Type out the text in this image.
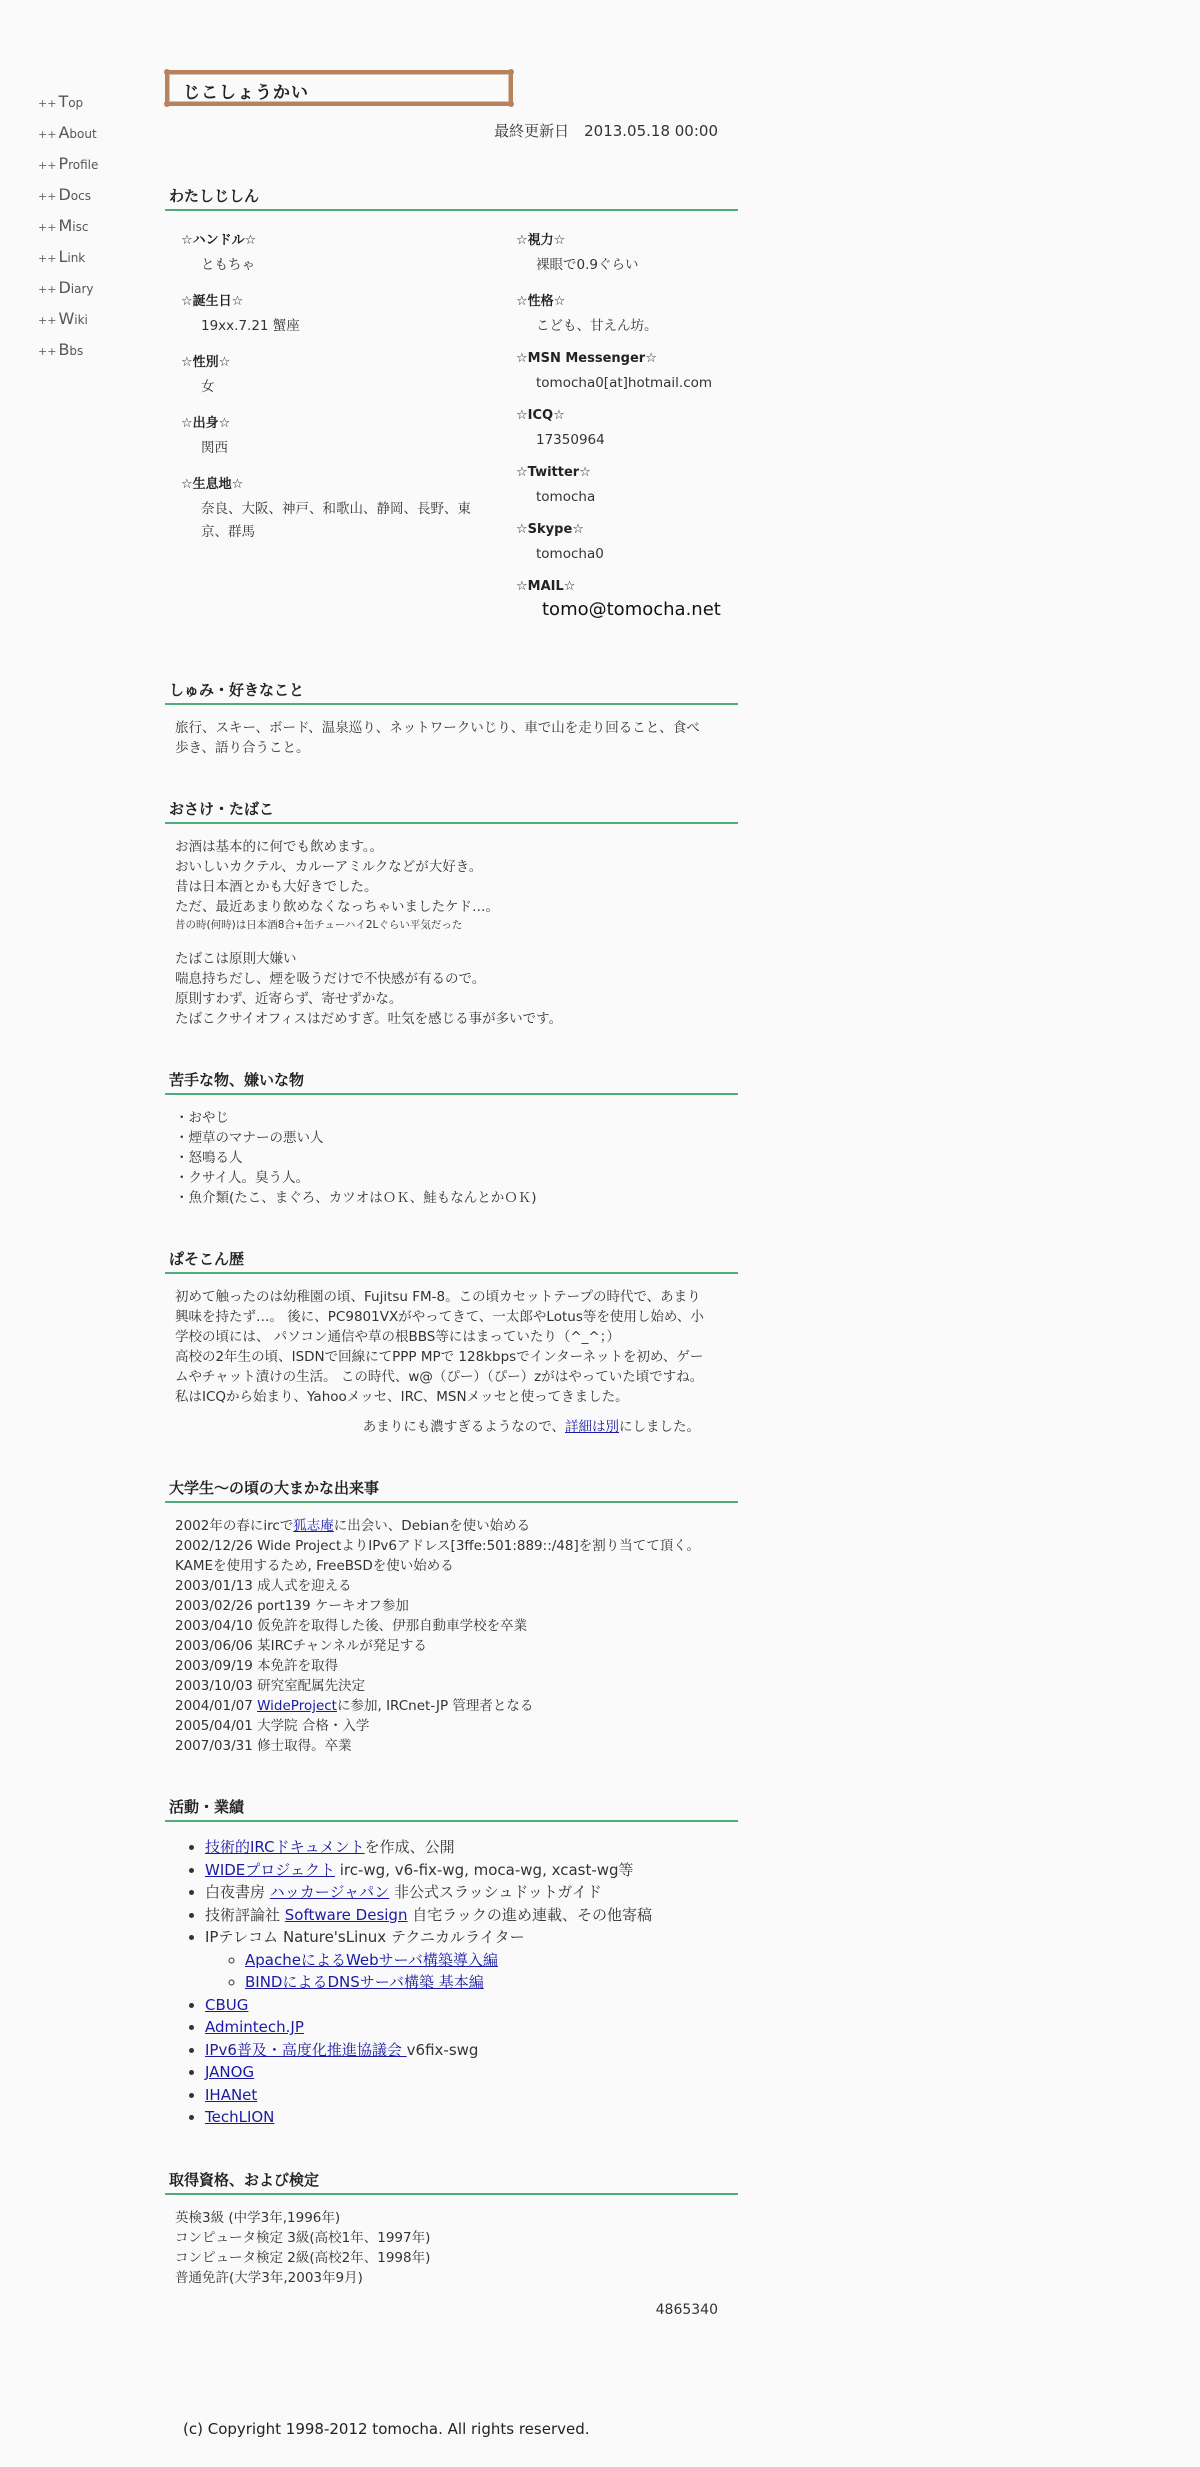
++ Top
++ About
++ Profile
++ Docs
++ Misc
++ Link
++ Diary
++ Wiki
++ Bbs
じこしょうかい
最終更新日　2013.05.18 00:00
わたしじしん
☆ハンドル☆
ともちゃ
☆誕生日☆
19xx.7.21 蟹座
☆性別☆
女
☆出身☆
関西
☆生息地☆
奈良、大阪、神戸、和歌山、静岡、長野、東京、群馬
☆視力☆
裸眼で0.9ぐらい
☆性格☆
こども、甘えん坊。
☆MSN Messenger☆
tomocha0[at]hotmail.com
☆ICQ☆
17350964
☆Twitter☆
tomocha
☆Skype☆
tomocha0
☆MAIL☆
tomo@tomocha.net
しゅみ・好きなこと
旅行、スキー、ボード、温泉巡り、ネットワークいじり、車で山を走り回ること、食べ歩き、語り合うこと。
おさけ・たばこ
お酒は基本的に何でも飲めます。。
おいしいカクテル、カルーアミルクなどが大好き。
昔は日本酒とかも大好きでした。
ただ、最近あまり飲めなくなっちゃいましたケド…。
昔の時(何時)は日本酒8合+缶チューハイ2Lぐらい平気だった
たばこは原則大嫌い
喘息持ちだし、煙を吸うだけで不快感が有るので。
原則すわず、近寄らず、寄せずかな。
たばこクサイオフィスはだめすぎ。吐気を感じる事が多いです。
苦手な物、嫌いな物
・おやじ
・煙草のマナーの悪い人
・怒鳴る人
・クサイ人。臭う人。
・魚介類(たこ、まぐろ、カツオはＯＫ、鮭もなんとかＯＫ)
ぱそこん歴
初めて触ったのは幼稚園の頃、Fujitsu FM-8。この頃カセットテープの時代で、あまり興味を持たず…。 後に、PC9801VXがやってきて、一太郎やLotus等を使用し始め、小学校の頃には、 パソコン通信や草の根BBS等にはまっていたり（^_^；）
高校の2年生の頃、ISDNで回線にてPPP MPで 128kbpsでインターネットを初め、ゲームやチャット漬けの生活。 この時代、w@（ぴー）（ぴー）zがはやっていた頃ですね。私はICQから始まり、Yahooメッセ、IRC、MSNメッセと使ってきました。
あまりにも濃すぎるようなので、詳細は別にしました。
大学生～の頃の大まかな出来事
2002年の春にircで狐志庵に出会い、Debianを使い始める
2002/12/26 Wide ProjectよりIPv6アドレス[3ffe:501:889::/48]を割り当てて頂く。
KAMEを使用するため, FreeBSDを使い始める
2003/01/13 成人式を迎える
2003/02/26 port139 ケーキオフ参加
2003/04/10 仮免許を取得した後、伊那自動車学校を卒業
2003/06/06 某IRCチャンネルが発足する
2003/09/19 本免許を取得
2003/10/03 研究室配属先決定
2004/01/07 WideProjectに参加, IRCnet-JP 管理者となる
2005/04/01 大学院 合格・入学
2007/03/31 修士取得。卒業
活動・業績
• 技術的IRCドキュメントを作成、公開
• WIDEプロジェクト irc-wg, v6-fix-wg, moca-wg, xcast-wg等
• 白夜書房 ハッカージャパン 非公式スラッシュドットガイド
• 技術評論社 Software Design 自宅ラックの進め連載、その他寄稿
• IPテレコム Nature'sLinux テクニカルライター
◦ ApacheによるWebサーバ構築導入編
◦ BINDによるDNSサーバ構築 基本編
• CBUG
• Admintech.JP
• IPv6普及・高度化推進協議会 v6fix-swg
• JANOG
• IHANet
• TechLION
取得資格、および検定
英検3級 (中学3年,1996年)
コンピュータ検定 3級(高校1年、1997年)
コンピュータ検定 2級(高校2年、1998年)
普通免許(大学3年,2003年9月)
4865340
(c) Copyright 1998-2012 tomocha. All rights reserved.
